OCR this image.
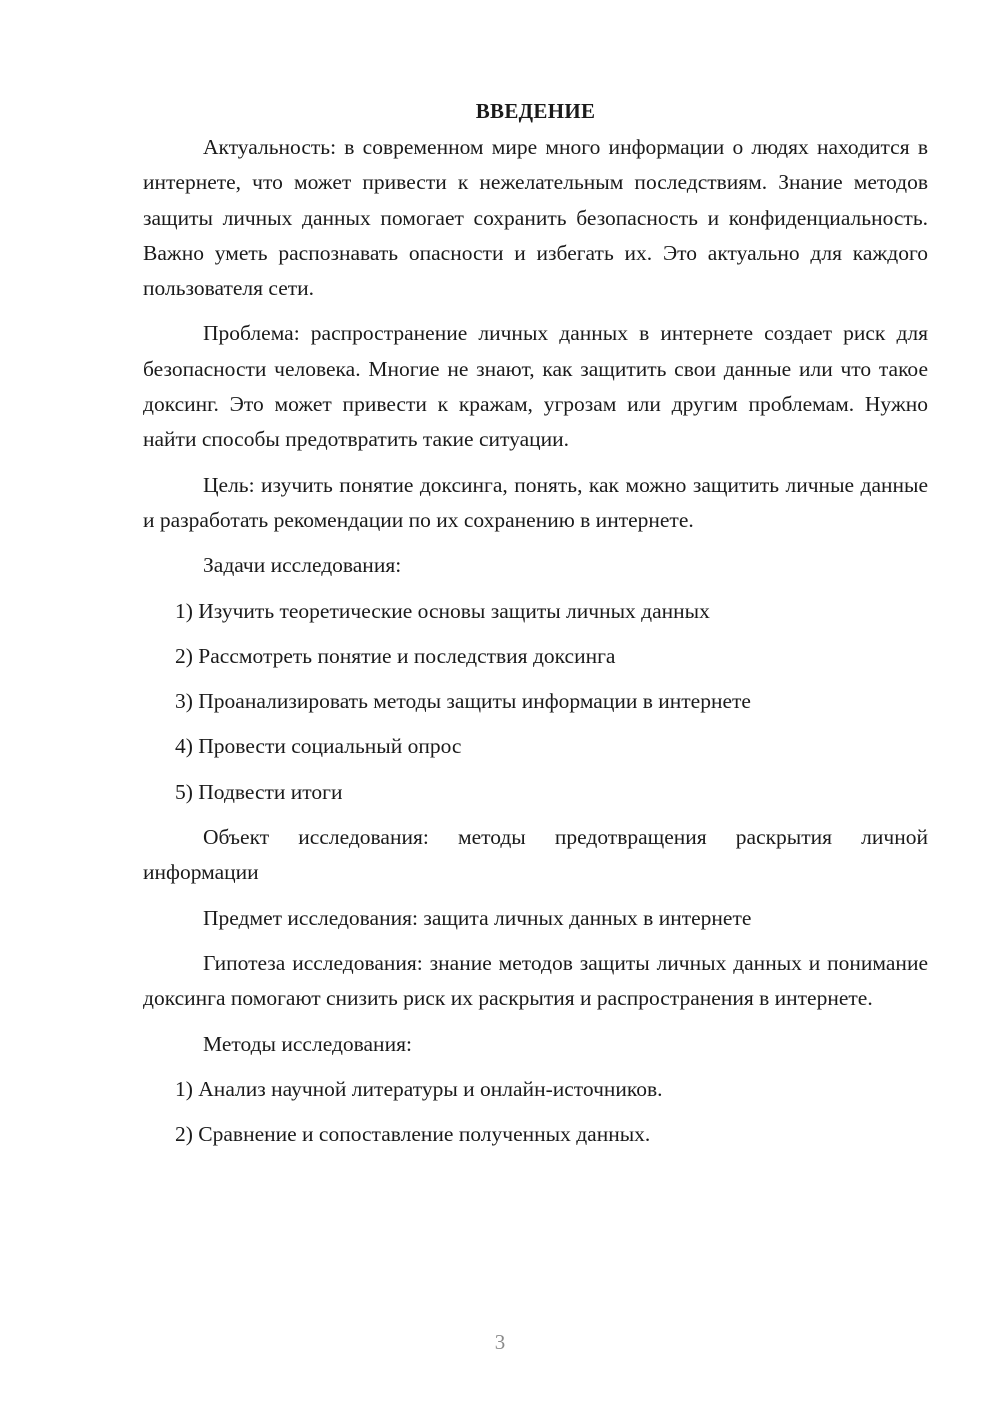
ВВЕДЕНИЕ

Актуальность: в современном мире много информации о людях находится в интернете, что может привести к нежелательным последствиям. Знание методов защиты личных данных помогает сохранить безопасность и конфиденциальность. Важно уметь распознавать опасности и избегать их. Это актуально для каждого пользователя сети.

Проблема: распространение личных данных в интернете создает риск для безопасности человека. Многие не знают, как защитить свои данные или что такое доксинг. Это может привести к кражам, угрозам или другим проблемам. Нужно найти способы предотвратить такие ситуации.

Цель: изучить понятие доксинга, понять, как можно защитить личные данные и разработать рекомендации по их сохранению в интернете.

Задачи исследования:
1) Изучить теоретические основы защиты личных данных
2) Рассмотреть понятие и последствия доксинга
3) Проанализировать методы защиты информации в интернете
4) Провести социальный опрос
5) Подвести итоги

Объект исследования: методы предотвращения раскрытия личной информации

Предмет исследования: защита личных данных в интернете

Гипотеза исследования: знание методов защиты личных данных и понимание доксинга помогают снизить риск их раскрытия и распространения в интернете.

Методы исследования:
1) Анализ научной литературы и онлайн-источников.
2) Сравнение и сопоставление полученных данных.
3
